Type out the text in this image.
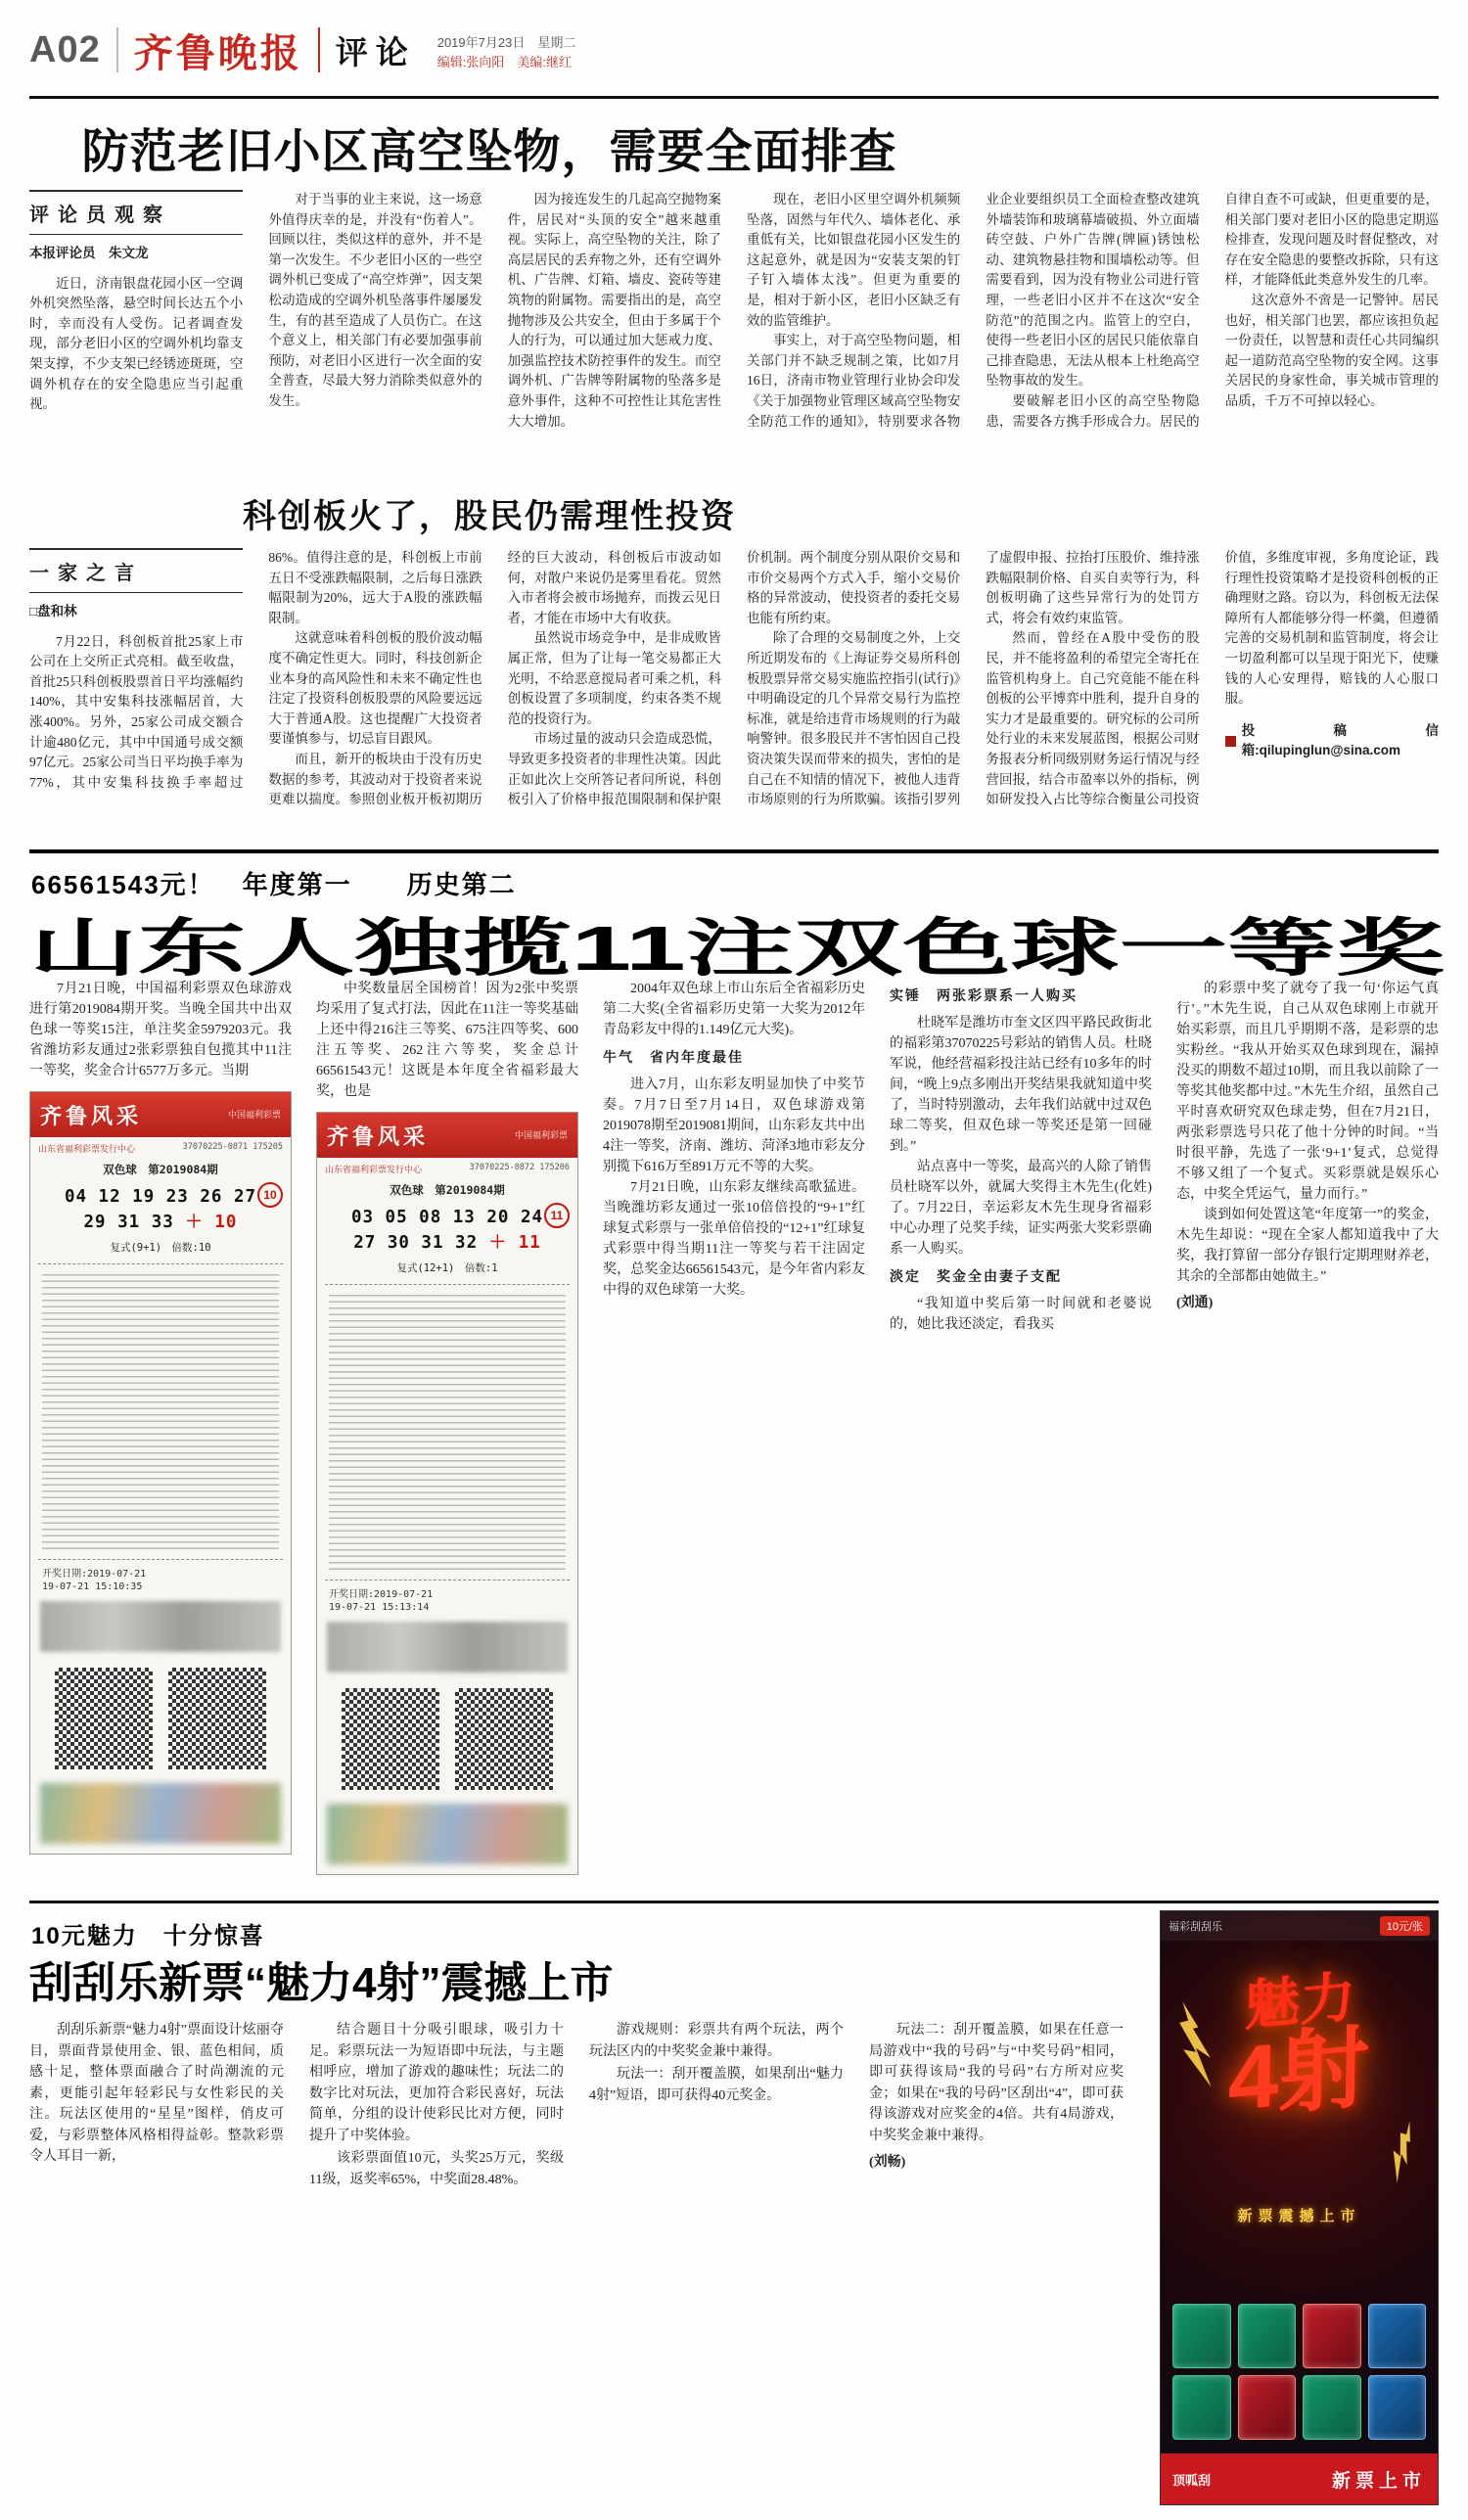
A02 齐鲁晚报 评论 2019年7月23日　星期二
编辑:张向阳　美编:继红
防范老旧小区高空坠物，需要全面排查
评论员观察

本报评论员　朱文龙

近日，济南银盘花园小区一空调外机突然坠落，悬空时间长达五个小时，幸而没有人受伤。记者调查发现，部分老旧小区的空调外机均靠支架支撑，不少支架已经锈迹斑斑，空调外机存在的安全隐患应当引起重视。

对于当事的业主来说，这一场意外值得庆幸的是，并没有“伤着人”。回顾以往，类似这样的意外，并不是第一次发生。不少老旧小区的一些空调外机已变成了“高空炸弹”，因支架松动造成的空调外机坠落事件屡屡发生，有的甚至造成了人员伤亡。在这个意义上，相关部门有必要加强事前预防，对老旧小区进行一次全面的安全普查，尽最大努力消除类似意外的发生。

因为接连发生的几起高空抛物案件，居民对“头顶的安全”越来越重视。实际上，高空坠物的关注，除了高层居民的丢弃物之外，还有空调外机、广告牌、灯箱、墙皮、瓷砖等建筑物的附属物。需要指出的是，高空抛物涉及公共安全，但由于多属于个人的行为，可以通过加大惩戒力度、加强监控技术防控事件的发生。而空调外机、广告牌等附属物的坠落多是意外事件，这种不可控性让其危害性大大增加。

现在，老旧小区里空调外机频频坠落，固然与年代久、墙体老化、承重低有关，比如银盘花园小区发生的这起意外，就是因为“安装支架的钉子钉入墙体太浅”。但更为重要的是，相对于新小区，老旧小区缺乏有效的监管维护。

事实上，对于高空坠物问题，相关部门并不缺乏规制之策，比如7月16日，济南市物业管理行业协会印发《关于加强物业管理区域高空坠物安全防范工作的通知》，特别要求各物业企业要组织员工全面检查整改建筑外墙装饰和玻璃幕墙破损、外立面墙砖空鼓、户外广告牌(牌匾)锈蚀松动、建筑物悬挂物和围墙松动等。但需要看到，因为没有物业公司进行管理，一些老旧小区并不在这次“安全防范”的范围之内。监管上的空白，使得一些老旧小区的居民只能依靠自己排查隐患，无法从根本上杜绝高空坠物事故的发生。

要破解老旧小区的高空坠物隐患，需要各方携手形成合力。居民的自律自查不可或缺，但更重要的是，相关部门要对老旧小区的隐患定期巡检排查，发现问题及时督促整改，对存在安全隐患的要整改拆除，只有这样，才能降低此类意外发生的几率。

这次意外不啻是一记警钟。居民也好，相关部门也罢，都应该担负起一份责任，以智慧和责任心共同编织起一道防范高空坠物的安全网。这事关居民的身家性命，事关城市管理的品质，千万不可掉以轻心。

科创板火了，股民仍需理性投资
一家之言

□盘和林

7月22日，科创板首批25家上市公司在上交所正式亮相。截至收盘，首批25只科创板股票首日平均涨幅约140%，其中安集科技涨幅居首，大涨400%。另外，25家公司成交额合计逾480亿元，其中中国通号成交额97亿元。25家公司当日平均换手率为77%，其中安集科技换手率超过86%。值得注意的是，科创板上市前五日不受涨跌幅限制，之后每日涨跌幅限制为20%，远大于A股的涨跌幅限制。

这就意味着科创板的股价波动幅度不确定性更大。同时，科技创新企业本身的高风险性和未来不确定性也注定了投资科创板股票的风险要远远大于普通A股。这也提醒广大投资者要谨慎参与，切忌盲目跟风。

而且，新开的板块由于没有历史数据的参考，其波动对于投资者来说更难以揣度。参照创业板开板初期历经的巨大波动，科创板后市波动如何，对散户来说仍是雾里看花。贸然入市者将会被市场抛弃，而拨云见日者，才能在市场中大有收获。

虽然说市场竞争中，是非成败皆属正常，但为了让每一笔交易都正大光明，不给恶意搅局者可乘之机，科创板设置了多项制度，约束各类不规范的投资行为。

市场过量的波动只会造成恐慌，导致更多投资者的非理性决策。因此正如此次上交所答记者问所说，科创板引入了价格申报范围限制和保护限价机制。两个制度分别从限价交易和市价交易两个方式入手，缩小交易价格的异常波动，使投资者的委托交易也能有所约束。

除了合理的交易制度之外，上交所近期发布的《上海证券交易所科创板股票异常交易实施监控指引(试行)》中明确设定的几个异常交易行为监控标准，就是给违背市场规则的行为敲响警钟。很多股民并不害怕因自己投资决策失误而带来的损失，害怕的是自己在不知情的情况下，被他人违背市场原则的行为所欺骗。该指引罗列了虚假申报、拉抬打压股价、维持涨跌幅限制价格、自买自卖等行为，科创板明确了这些异常行为的处罚方式，将会有效约束监管。

然而，曾经在A股中受伤的股民，并不能将盈利的希望完全寄托在监管机构身上。自己究竟能不能在科创板的公平博弈中胜利，提升自身的实力才是最重要的。研究标的公司所处行业的未来发展蓝图，根据公司财务报表分析同级别财务运行情况与经营回报，结合市盈率以外的指标，例如研发投入占比等综合衡量公司投资价值，多维度审视，多角度论证，践行理性投资策略才是投资科创板的正确理财之路。窃以为，科创板无法保障所有人都能够分得一杯羹，但遵循完善的交易机制和监管制度，将会让一切盈利都可以呈现于阳光下，使赚钱的人心安理得，赔钱的人心服口服。

投稿信箱:qilupinglun@sina.com

66561543元！　年度第一　　历史第二
山东人独揽11注双色球一等奖

7月21日晚，中国福利彩票双色球游戏进行第2019084期开奖。当晚全国共中出双色球一等奖15注，单注奖金5979203元。我省潍坊彩友通过2张彩票独自包揽其中11注一等奖，奖金合计6577万多元。当期

齐鲁风采	中国福利彩票
山东省福利彩票发行中心	37070225-0871 175205
双色球　第2019084期
04 12 19 23 26 27
29 31 33 ＋ 10
10
复式(9+1)　倍数:10
开奖日期:2019-07-21
19-07-21 15:10:35

中奖数量居全国榜首！因为2张中奖票均采用了复式打法，因此在11注一等奖基础上还中得216注三等奖、675注四等奖、600注五等奖、262注六等奖，奖金总计66561543元！这既是本年度全省福彩最大奖，也是

齐鲁风采	中国福利彩票
山东省福利彩票发行中心	37070225-0872 175206
双色球　第2019084期
03 05 08 13 20 24
27 30 31 32 ＋ 11
11
复式(12+1)　倍数:1
开奖日期:2019-07-21
19-07-21 15:13:14

2004年双色球上市山东后全省福彩历史第二大奖(全省福彩历史第一大奖为2012年青岛彩友中得的1.149亿元大奖)。

牛气　省内年度最佳

进入7月，山东彩友明显加快了中奖节奏。7月7日至7月14日，双色球游戏第2019078期至2019081期间，山东彩友共中出4注一等奖，济南、潍坊、菏泽3地市彩友分别揽下616万至891万元不等的大奖。

7月21日晚，山东彩友继续高歌猛进。当晚潍坊彩友通过一张10倍倍投的“9+1”红球复式彩票与一张单倍倍投的“12+1”红球复式彩票中得当期11注一等奖与若干注固定奖，总奖金达66561543元，是今年省内彩友中得的双色球第一大奖。

实锤　两张彩票系一人购买

杜晓军是潍坊市奎文区四平路民政街北的福彩第37070225号彩站的销售人员。杜晓军说，他经营福彩投注站已经有10多年的时间，“晚上9点多刚出开奖结果我就知道中奖了，当时特别激动，去年我们站就中过双色球二等奖，但双色球一等奖还是第一回碰到。”

站点喜中一等奖，最高兴的人除了销售员杜晓军以外，就属大奖得主木先生(化姓)了。7月22日，幸运彩友木先生现身省福彩中心办理了兑奖手续，证实两张大奖彩票确系一人购买。

淡定　奖金全由妻子支配

“我知道中奖后第一时间就和老婆说的，她比我还淡定，看我买

的彩票中奖了就夸了我一句‘你运气真行’。”木先生说，自己从双色球刚上市就开始买彩票，而且几乎期期不落，是彩票的忠实粉丝。“我从开始买双色球到现在，漏掉没买的期数不超过10期，而且我以前除了一等奖其他奖都中过。”木先生介绍，虽然自己平时喜欢研究双色球走势，但在7月21日，两张彩票选号只花了他十分钟的时间。“当时很平静，先选了一张‘9+1’复式，总觉得不够又组了一个复式。买彩票就是娱乐心态，中奖全凭运气，量力而行。”

谈到如何处置这笔“年度第一”的奖金，木先生却说：“现在全家人都知道我中了大奖，我打算留一部分存银行定期理财养老，其余的全部都由她做主。”

(刘通)

10元魅力　十分惊喜
刮刮乐新票“魅力4射”震撼上市

刮刮乐新票“魅力4射”票面设计炫丽夺目，票面背景使用金、银、蓝色相间，质感十足，整体票面融合了时尚潮流的元素，更能引起年轻彩民与女性彩民的关注。玩法区使用的“星星”图样，俏皮可爱，与彩票整体风格相得益彰。整款彩票令人耳目一新，

结合题目十分吸引眼球，吸引力十足。彩票玩法一为短语即中玩法，与主题相呼应，增加了游戏的趣味性；玩法二的数字比对玩法，更加符合彩民喜好，玩法简单，分组的设计使彩民比对方便，同时提升了中奖体验。

该彩票面值10元，头奖25万元，奖级11级，返奖率65%，中奖面28.48%。

游戏规则：彩票共有两个玩法，两个玩法区内的中奖奖金兼中兼得。

玩法一：刮开覆盖膜，如果刮出“魅力4射”短语，即可获得40元奖金。

玩法二：刮开覆盖膜，如果在任意一局游戏中“我的号码”与“中奖号码”相同，即可获得该局“我的号码”右方所对应奖金；如果在“我的号码”区刮出“4”，即可获得该游戏对应奖金的4倍。共有4局游戏，中奖奖金兼中兼得。

(刘畅)

福彩刮刮乐	10元/张
魅力
4射
新票震撼上市
顶呱刮	新票上市
